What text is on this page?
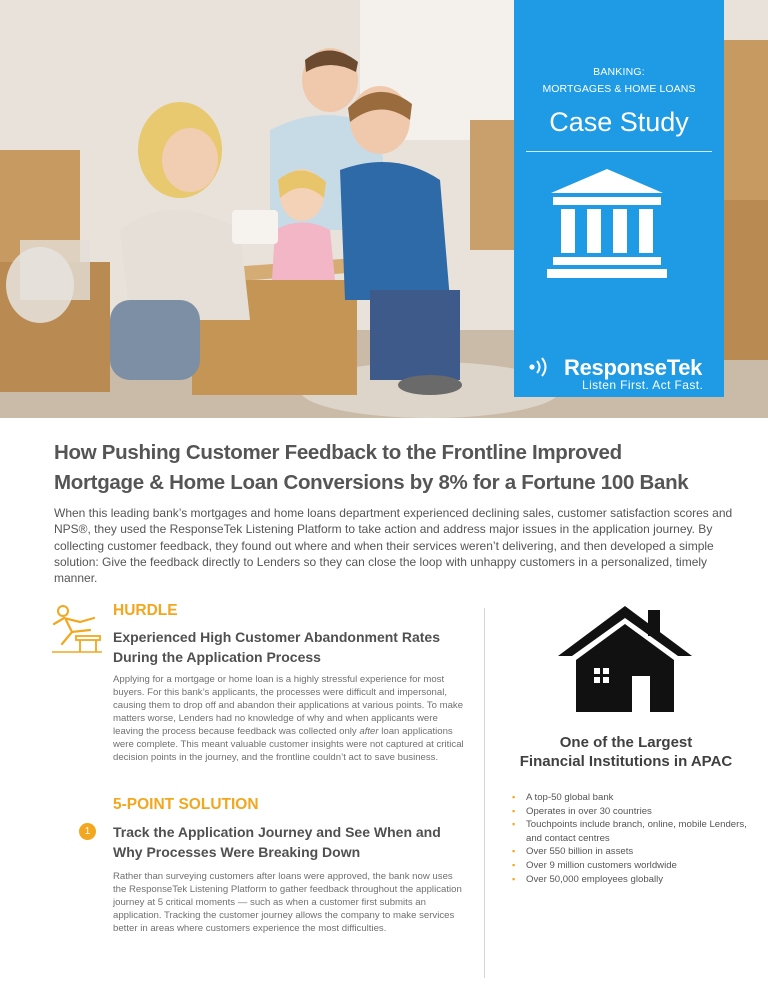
BANKING:
MORTGAGES & HOME LOANS
Case Study
ResponseTek
Listen First. Act Fast.
How Pushing Customer Feedback to the Frontline Improved
Mortgage & Home Loan Conversions by 8% for a Fortune 100 Bank

When this leading bank’s mortgages and home loans department experienced declining sales, customer satisfaction scores and NPS®, they used the ResponseTek Listening Platform to take action and address major issues in the application journey. By collecting customer feedback, they found out where and when their services weren’t delivering, and then developed a simple solution: Give the feedback directly to Lenders so they can close the loop with unhappy customers in a personalized, timely manner.

HURDLE
Experienced High Customer Abandonment Rates During the Application Process

Applying for a mortgage or home loan is a highly stressful experience for most buyers. For this bank’s applicants, the processes were difficult and impersonal, causing them to drop off and abandon their applications at various points. To make matters worse, Lenders had no knowledge of why and when applicants were leaving the process because feedback was collected only after loan applications were complete. This meant valuable customer insights were not captured at critical decision points in the journey, and the frontline couldn’t act to save business.

5-POINT SOLUTION
1	Track the Application Journey and See When and Why Processes Were Breaking Down

Rather than surveying customers after loans were approved, the bank now uses the ResponseTek Listening Platform to gather feedback throughout the application journey at 5 critical moments — such as when a customer first submits an application. Tracking the customer journey allows the company to make services better in areas where customers experience the most difficulties.

One of the Largest
Financial Institutions in APAC
▪ A top-50 global bank
▪ Operates in over 30 countries
▪ Touchpoints include branch, online, mobile Lenders, and contact centres
▪ Over 550 billion in assets
▪ Over 9 million customers worldwide
▪ Over 50,000 employees globally
